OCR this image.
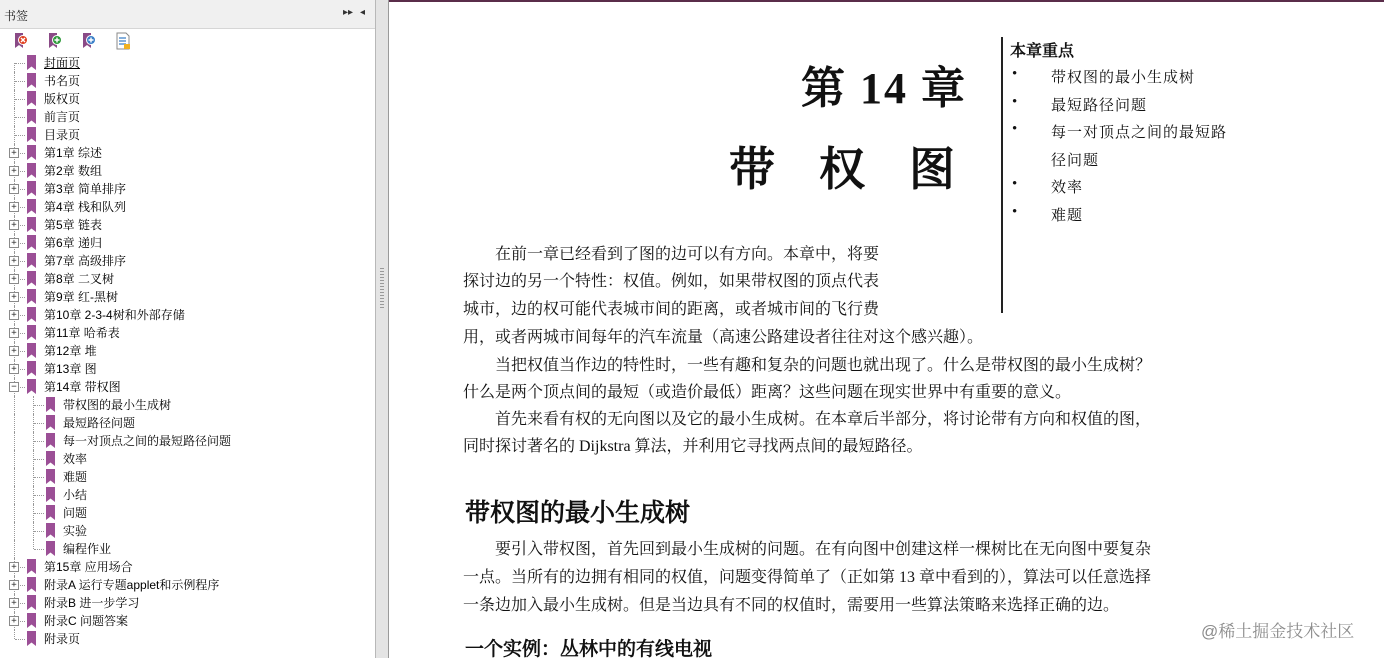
书签	▸▸ ◂
封面页
书名页
版权页
前言页
目录页
+ 第1章 综述
+ 第2章 数组
+ 第3章 简单排序
+ 第4章 栈和队列
+ 第5章 链表
+ 第6章 递归
+ 第7章 高级排序
+ 第8章 二叉树
+ 第9章 红-黑树
+ 第10章 2-3-4树和外部存储
+ 第11章 哈希表
+ 第12章 堆
+ 第13章 图
− 第14章 带权图
带权图的最小生成树
最短路径问题
每一对顶点之间的最短路径问题
效率
难题
小结
问题
实验
编程作业
+ 第15章 应用场合
+ 附录A 运行专题applet和示例程序
+ 附录B 进一步学习
+ 附录C 问题答案
附录页
第 14 章
带权图
本章重点
• 带权图的最小生成树
• 最短路径问题
• 每一对顶点之间的最短路
径问题
• 效率
• 难题
　　在前一章已经看到了图的边可以有方向。本章中，将要
探讨边的另一个特性：权值。例如，如果带权图的顶点代表
城市，边的权可能代表城市间的距离，或者城市间的飞行费
用，或者两城市间每年的汽车流量（高速公路建设者往往对这个感兴趣）。
　　当把权值当作边的特性时，一些有趣和复杂的问题也就出现了。什么是带权图的最小生成树？
什么是两个顶点间的最短（或造价最低）距离？这些问题在现实世界中有重要的意义。
　　首先来看有权的无向图以及它的最小生成树。在本章后半部分，将讨论带有方向和权值的图，
同时探讨著名的 Dijkstra 算法，并利用它寻找两点间的最短路径。
带权图的最小生成树
　　要引入带权图，首先回到最小生成树的问题。在有向图中创建这样一棵树比在无向图中要复杂
一点。当所有的边拥有相同的权值，问题变得简单了（正如第 13 章中看到的），算法可以任意选择
一条边加入最小生成树。但是当边具有不同的权值时，需要用一些算法策略来选择正确的边。
一个实例：丛林中的有线电视
@稀土掘金技术社区
